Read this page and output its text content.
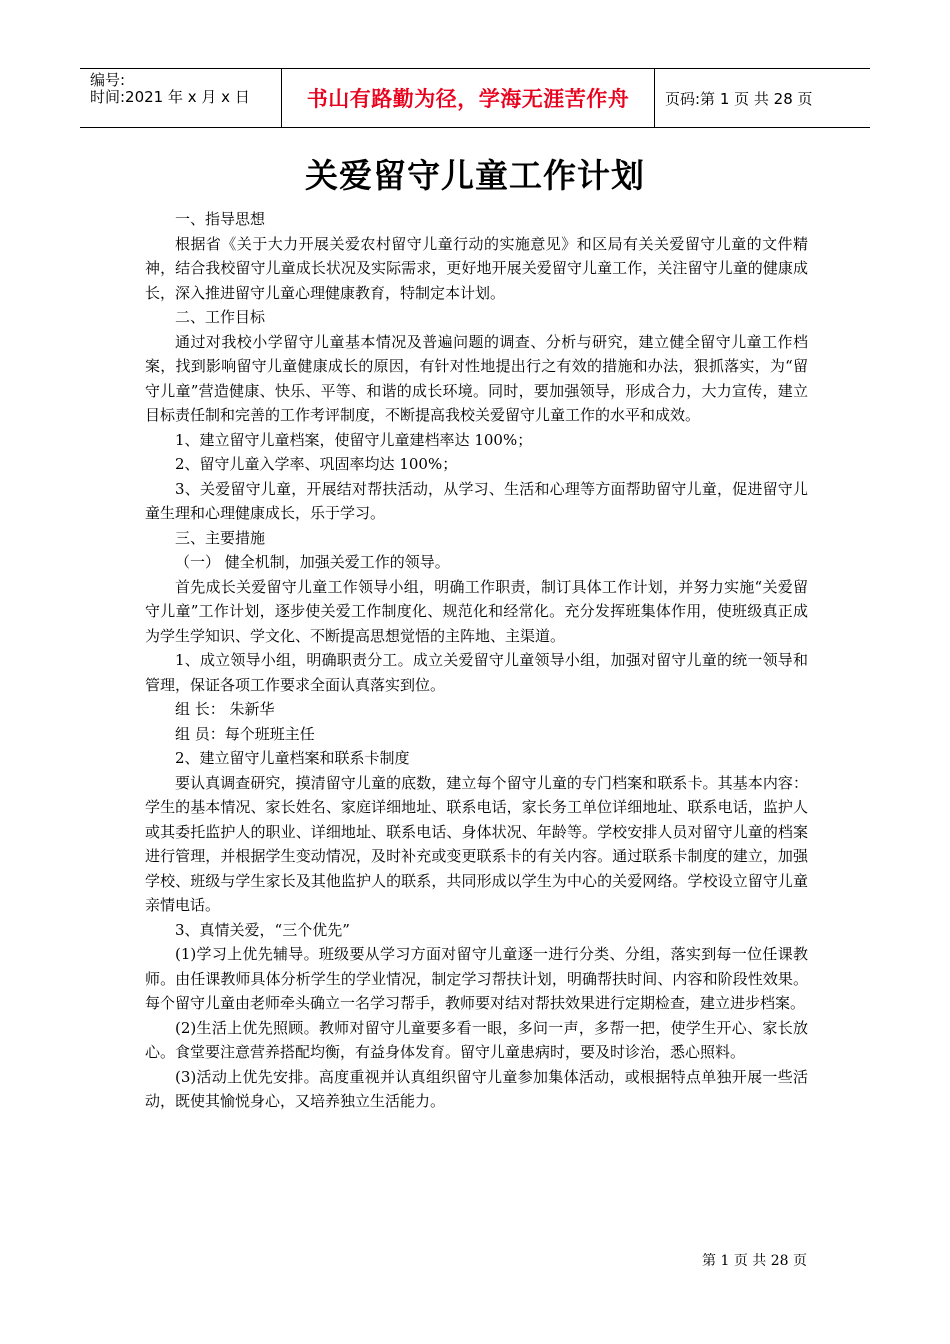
编号:
时间:2021 年 x 月 x 日	书山有路勤为径，学海无涯苦作舟	页码:第 1 页 共 28 页
关爱留守儿童工作计划

一、指导思想

根据省《关于大力开展关爱农村留守儿童行动的实施意见》和区局有关关爱留守儿童的文件精神，结合我校留守儿童成长状况及实际需求，更好地开展关爱留守儿童工作，关注留守儿童的健康成长，深入推进留守儿童心理健康教育，特制定本计划。

二、工作目标

通过对我校小学留守儿童基本情况及普遍问题的调查、分析与研究，建立健全留守儿童工作档案，找到影响留守儿童健康成长的原因，有针对性地提出行之有效的措施和办法，狠抓落实，为“留守儿童”营造健康、快乐、平等、和谐的成长环境。同时，要加强领导，形成合力，大力宣传，建立目标责任制和完善的工作考评制度，不断提高我校关爱留守儿童工作的水平和成效。

1、建立留守儿童档案，使留守儿童建档率达 100%；

2、留守儿童入学率、巩固率均达 100%；

3、关爱留守儿童，开展结对帮扶活动，从学习、生活和心理等方面帮助留守儿童，促进留守儿童生理和心理健康成长，乐于学习。

三、主要措施

（一） 健全机制，加强关爱工作的领导。

首先成长关爱留守儿童工作领导小组，明确工作职责，制订具体工作计划，并努力实施“关爱留守儿童”工作计划，逐步使关爱工作制度化、规范化和经常化。充分发挥班集体作用，使班级真正成为学生学知识、学文化、不断提高思想觉悟的主阵地、主渠道。

1、成立领导小组，明确职责分工。成立关爱留守儿童领导小组，加强对留守儿童的统一领导和管理，保证各项工作要求全面认真落实到位。

组 长： 朱新华

组 员：每个班班主任

2、建立留守儿童档案和联系卡制度

要认真调查研究，摸清留守儿童的底数，建立每个留守儿童的专门档案和联系卡。其基本内容：学生的基本情况、家长姓名、家庭详细地址、联系电话，家长务工单位详细地址、联系电话，监护人或其委托监护人的职业、详细地址、联系电话、身体状况、年龄等。学校安排人员对留守儿童的档案进行管理，并根据学生变动情况，及时补充或变更联系卡的有关内容。通过联系卡制度的建立，加强学校、班级与学生家长及其他监护人的联系，共同形成以学生为中心的关爱网络。学校设立留守儿童亲情电话。

3、真情关爱，“三个优先”

(1)学习上优先辅导。班级要从学习方面对留守儿童逐一进行分类、分组，落实到每一位任课教师。由任课教师具体分析学生的学业情况，制定学习帮扶计划，明确帮扶时间、内容和阶段性效果。每个留守儿童由老师牵头确立一名学习帮手，教师要对结对帮扶效果进行定期检查，建立进步档案。

(2)生活上优先照顾。教师对留守儿童要多看一眼，多问一声，多帮一把，使学生开心、家长放心。食堂要注意营养搭配均衡，有益身体发育。留守儿童患病时，要及时诊治，悉心照料。

(3)活动上优先安排。高度重视并认真组织留守儿童参加集体活动，或根据特点单独开展一些活动，既使其愉悦身心，又培养独立生活能力。

第 1 页 共 28 页
